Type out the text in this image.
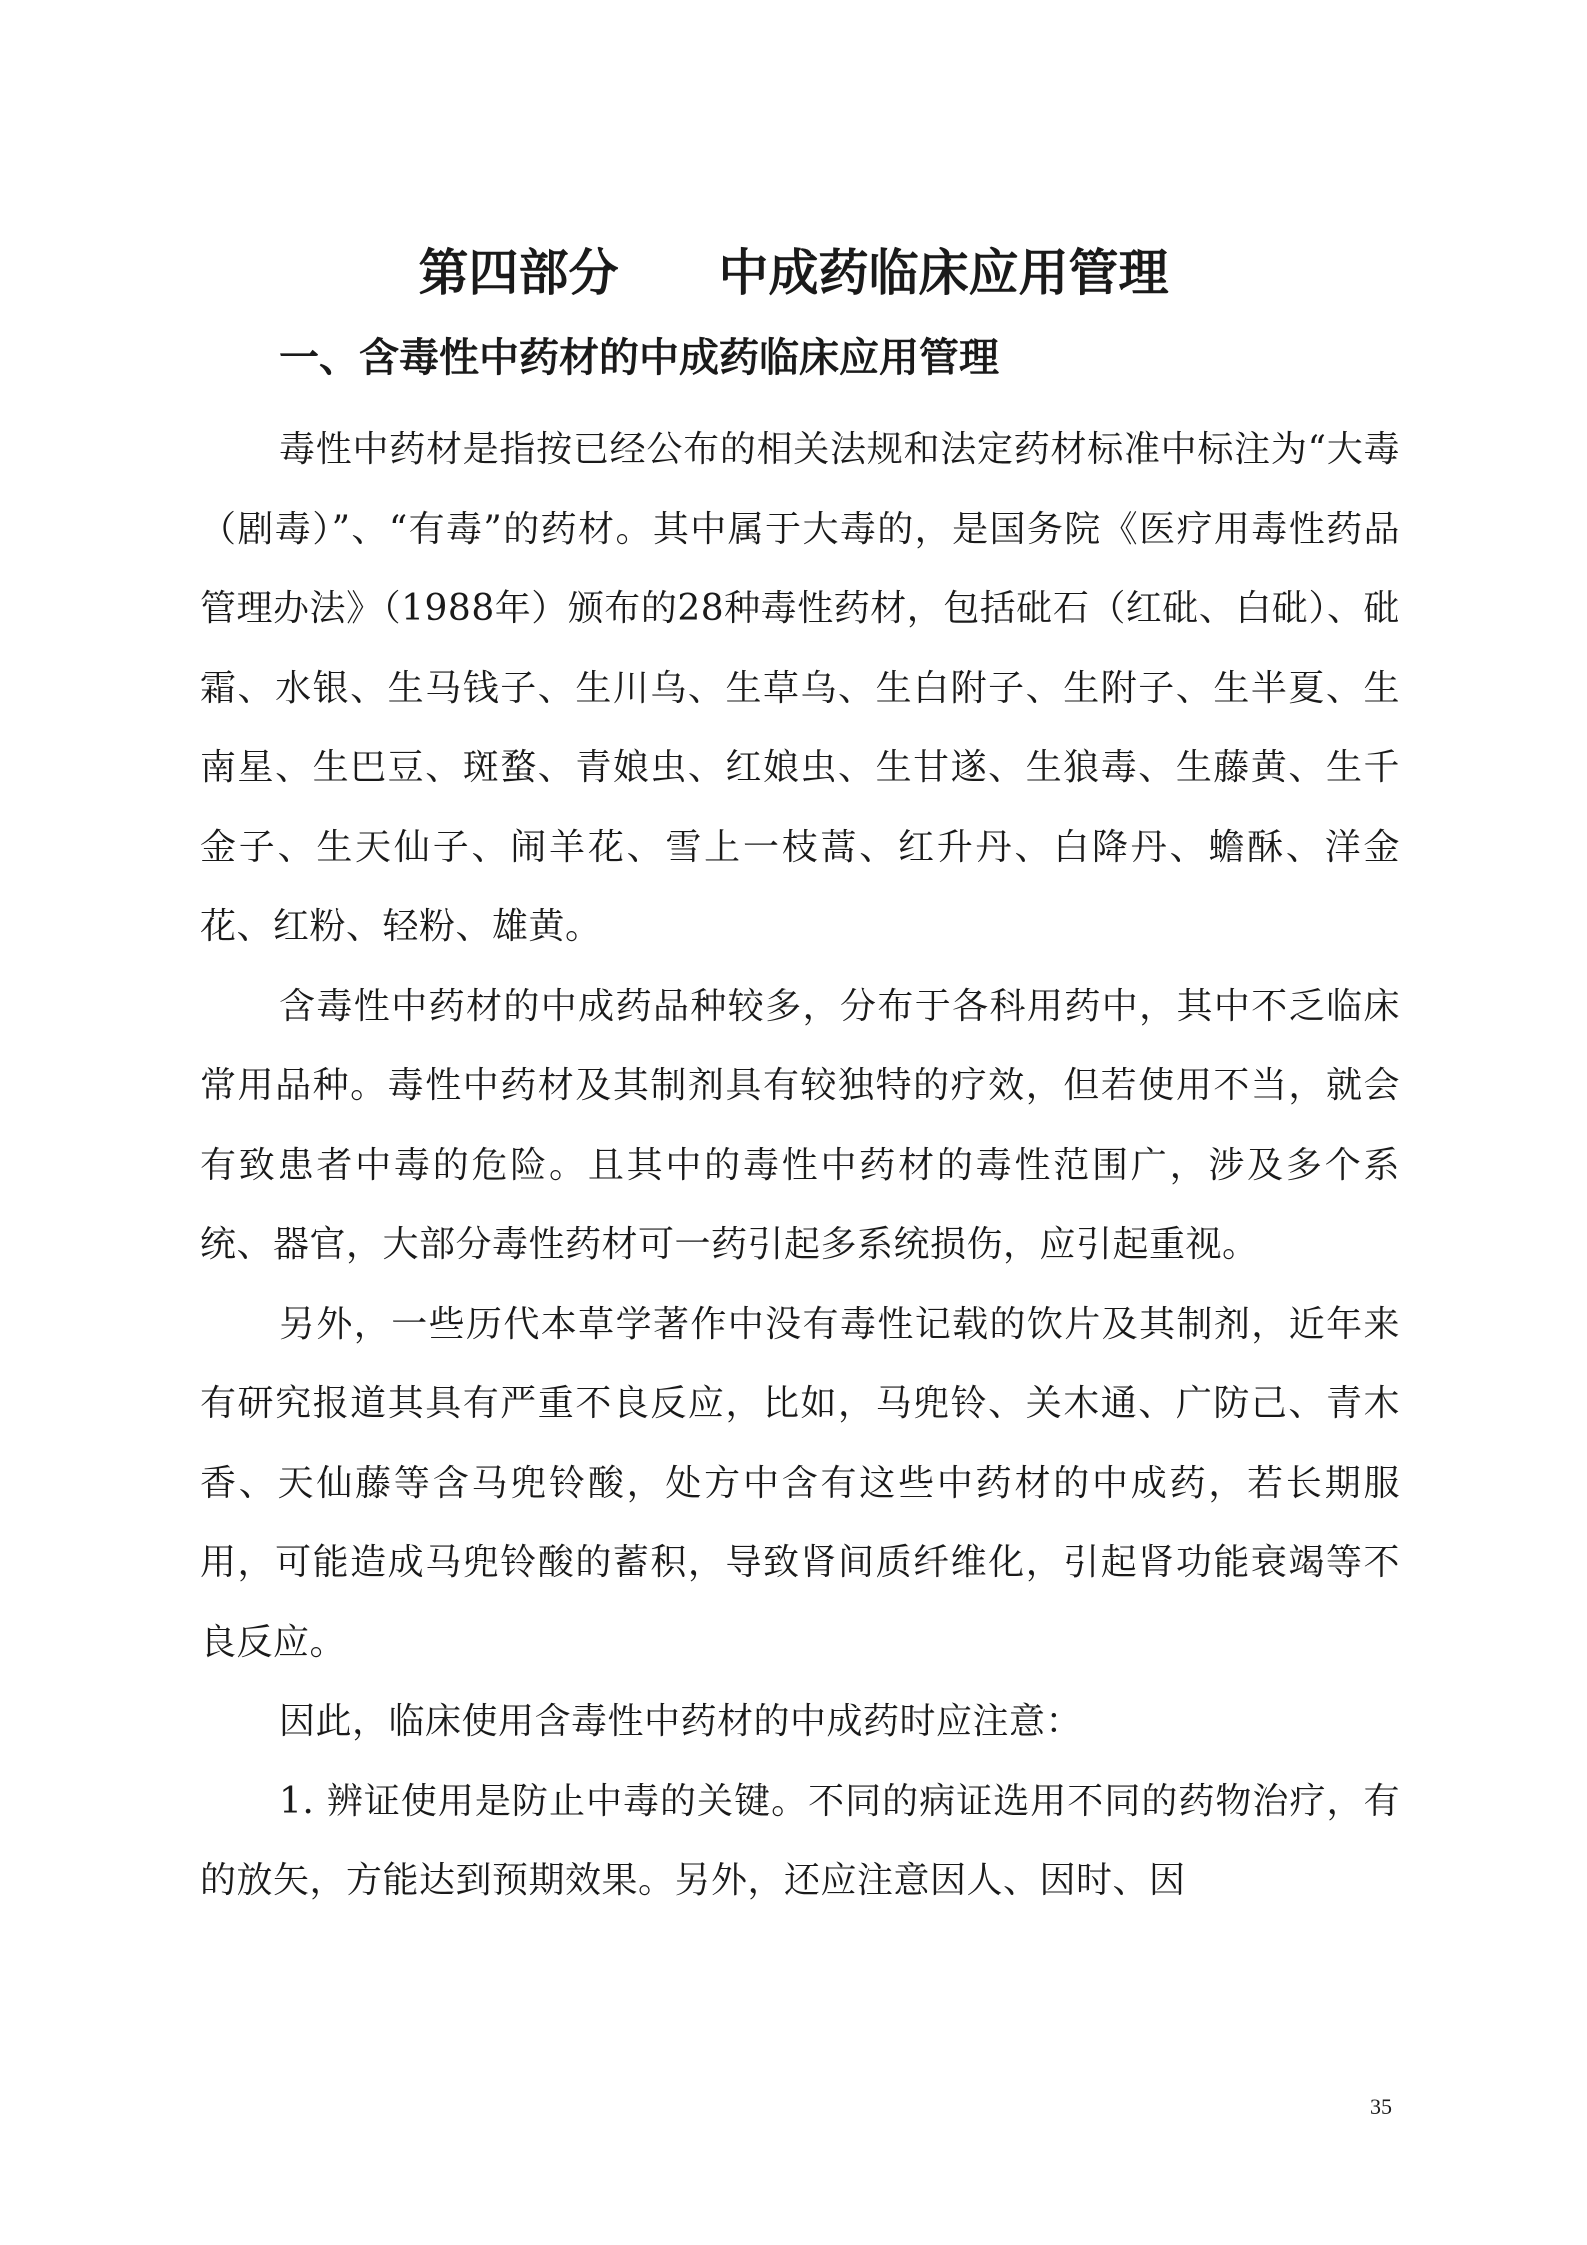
第四部分　　中成药临床应用管理
一、含毒性中药材的中成药临床应用管理

毒性中药材是指按已经公布的相关法规和法定药材标准中标注为“大毒（剧毒）”、“有毒”的药材。其中属于大毒的，是国务院《医疗用毒性药品管理办法》（1988年）颁布的28种毒性药材，包括砒石（红砒、白砒）、砒霜、水银、生马钱子、生川乌、生草乌、生白附子、生附子、生半夏、生南星、生巴豆、斑蝥、青娘虫、红娘虫、生甘遂、生狼毒、生藤黄、生千金子、生天仙子、闹羊花、雪上一枝蒿、红升丹、白降丹、蟾酥、洋金花、红粉、轻粉、雄黄。

含毒性中药材的中成药品种较多，分布于各科用药中，其中不乏临床常用品种。毒性中药材及其制剂具有较独特的疗效，但若使用不当，就会有致患者中毒的危险。且其中的毒性中药材的毒性范围广，涉及多个系统、器官，大部分毒性药材可一药引起多系统损伤，应引起重视。

另外，一些历代本草学著作中没有毒性记载的饮片及其制剂，近年来有研究报道其具有严重不良反应，比如，马兜铃、关木通、广防己、青木香、天仙藤等含马兜铃酸，处方中含有这些中药材的中成药，若长期服用，可能造成马兜铃酸的蓄积，导致肾间质纤维化，引起肾功能衰竭等不良反应。

因此，临床使用含毒性中药材的中成药时应注意：

1. 辨证使用是防止中毒的关键。不同的病证选用不同的药物治疗，有的放矢，方能达到预期效果。另外，还应注意因人、因时、因

35
